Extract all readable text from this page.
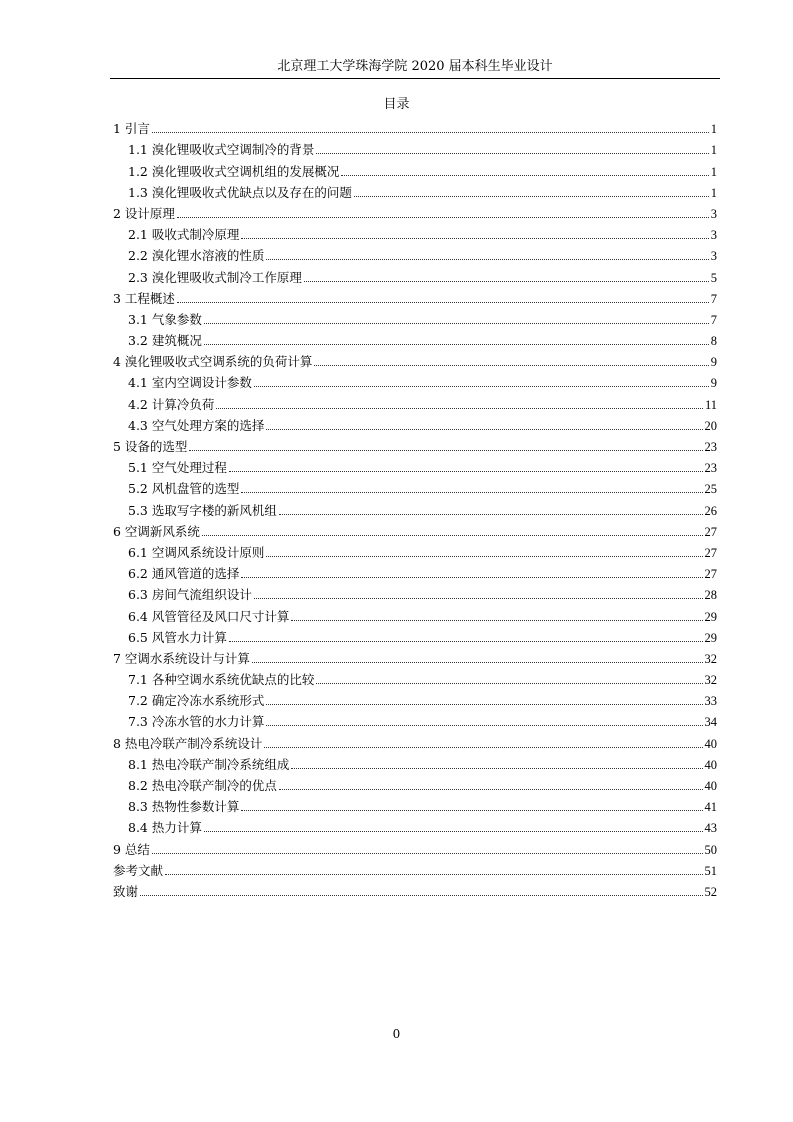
北京理工大学珠海学院 2020 届本科生毕业设计
目录
1 引言	1
1.1 溴化锂吸收式空调制冷的背景	1
1.2 溴化锂吸收式空调机组的发展概况	1
1.3 溴化锂吸收式优缺点以及存在的问题	1
2 设计原理	3
2.1 吸收式制冷原理	3
2.2 溴化锂水溶液的性质	3
2.3 溴化锂吸收式制冷工作原理	5
3 工程概述	7
3.1 气象参数	7
3.2 建筑概况	8
4 溴化锂吸收式空调系统的负荷计算	9
4.1 室内空调设计参数	9
4.2 计算冷负荷	11
4.3 空气处理方案的选择	20
5 设备的选型	23
5.1 空气处理过程	23
5.2 风机盘管的选型	25
5.3 选取写字楼的新风机组	26
6 空调新风系统	27
6.1 空调风系统设计原则	27
6.2 通风管道的选择	27
6.3 房间气流组织设计	28
6.4 风管管径及风口尺寸计算	29
6.5 风管水力计算	29
7 空调水系统设计与计算	32
7.1 各种空调水系统优缺点的比较	32
7.2 确定冷冻水系统形式	33
7.3 冷冻水管的水力计算	34
8 热电冷联产制冷系统设计	40
8.1 热电冷联产制冷系统组成	40
8.2 热电冷联产制冷的优点	40
8.3 热物性参数计算	41
8.4 热力计算	43
9 总结	50
参考文献	51
致谢	52
0
